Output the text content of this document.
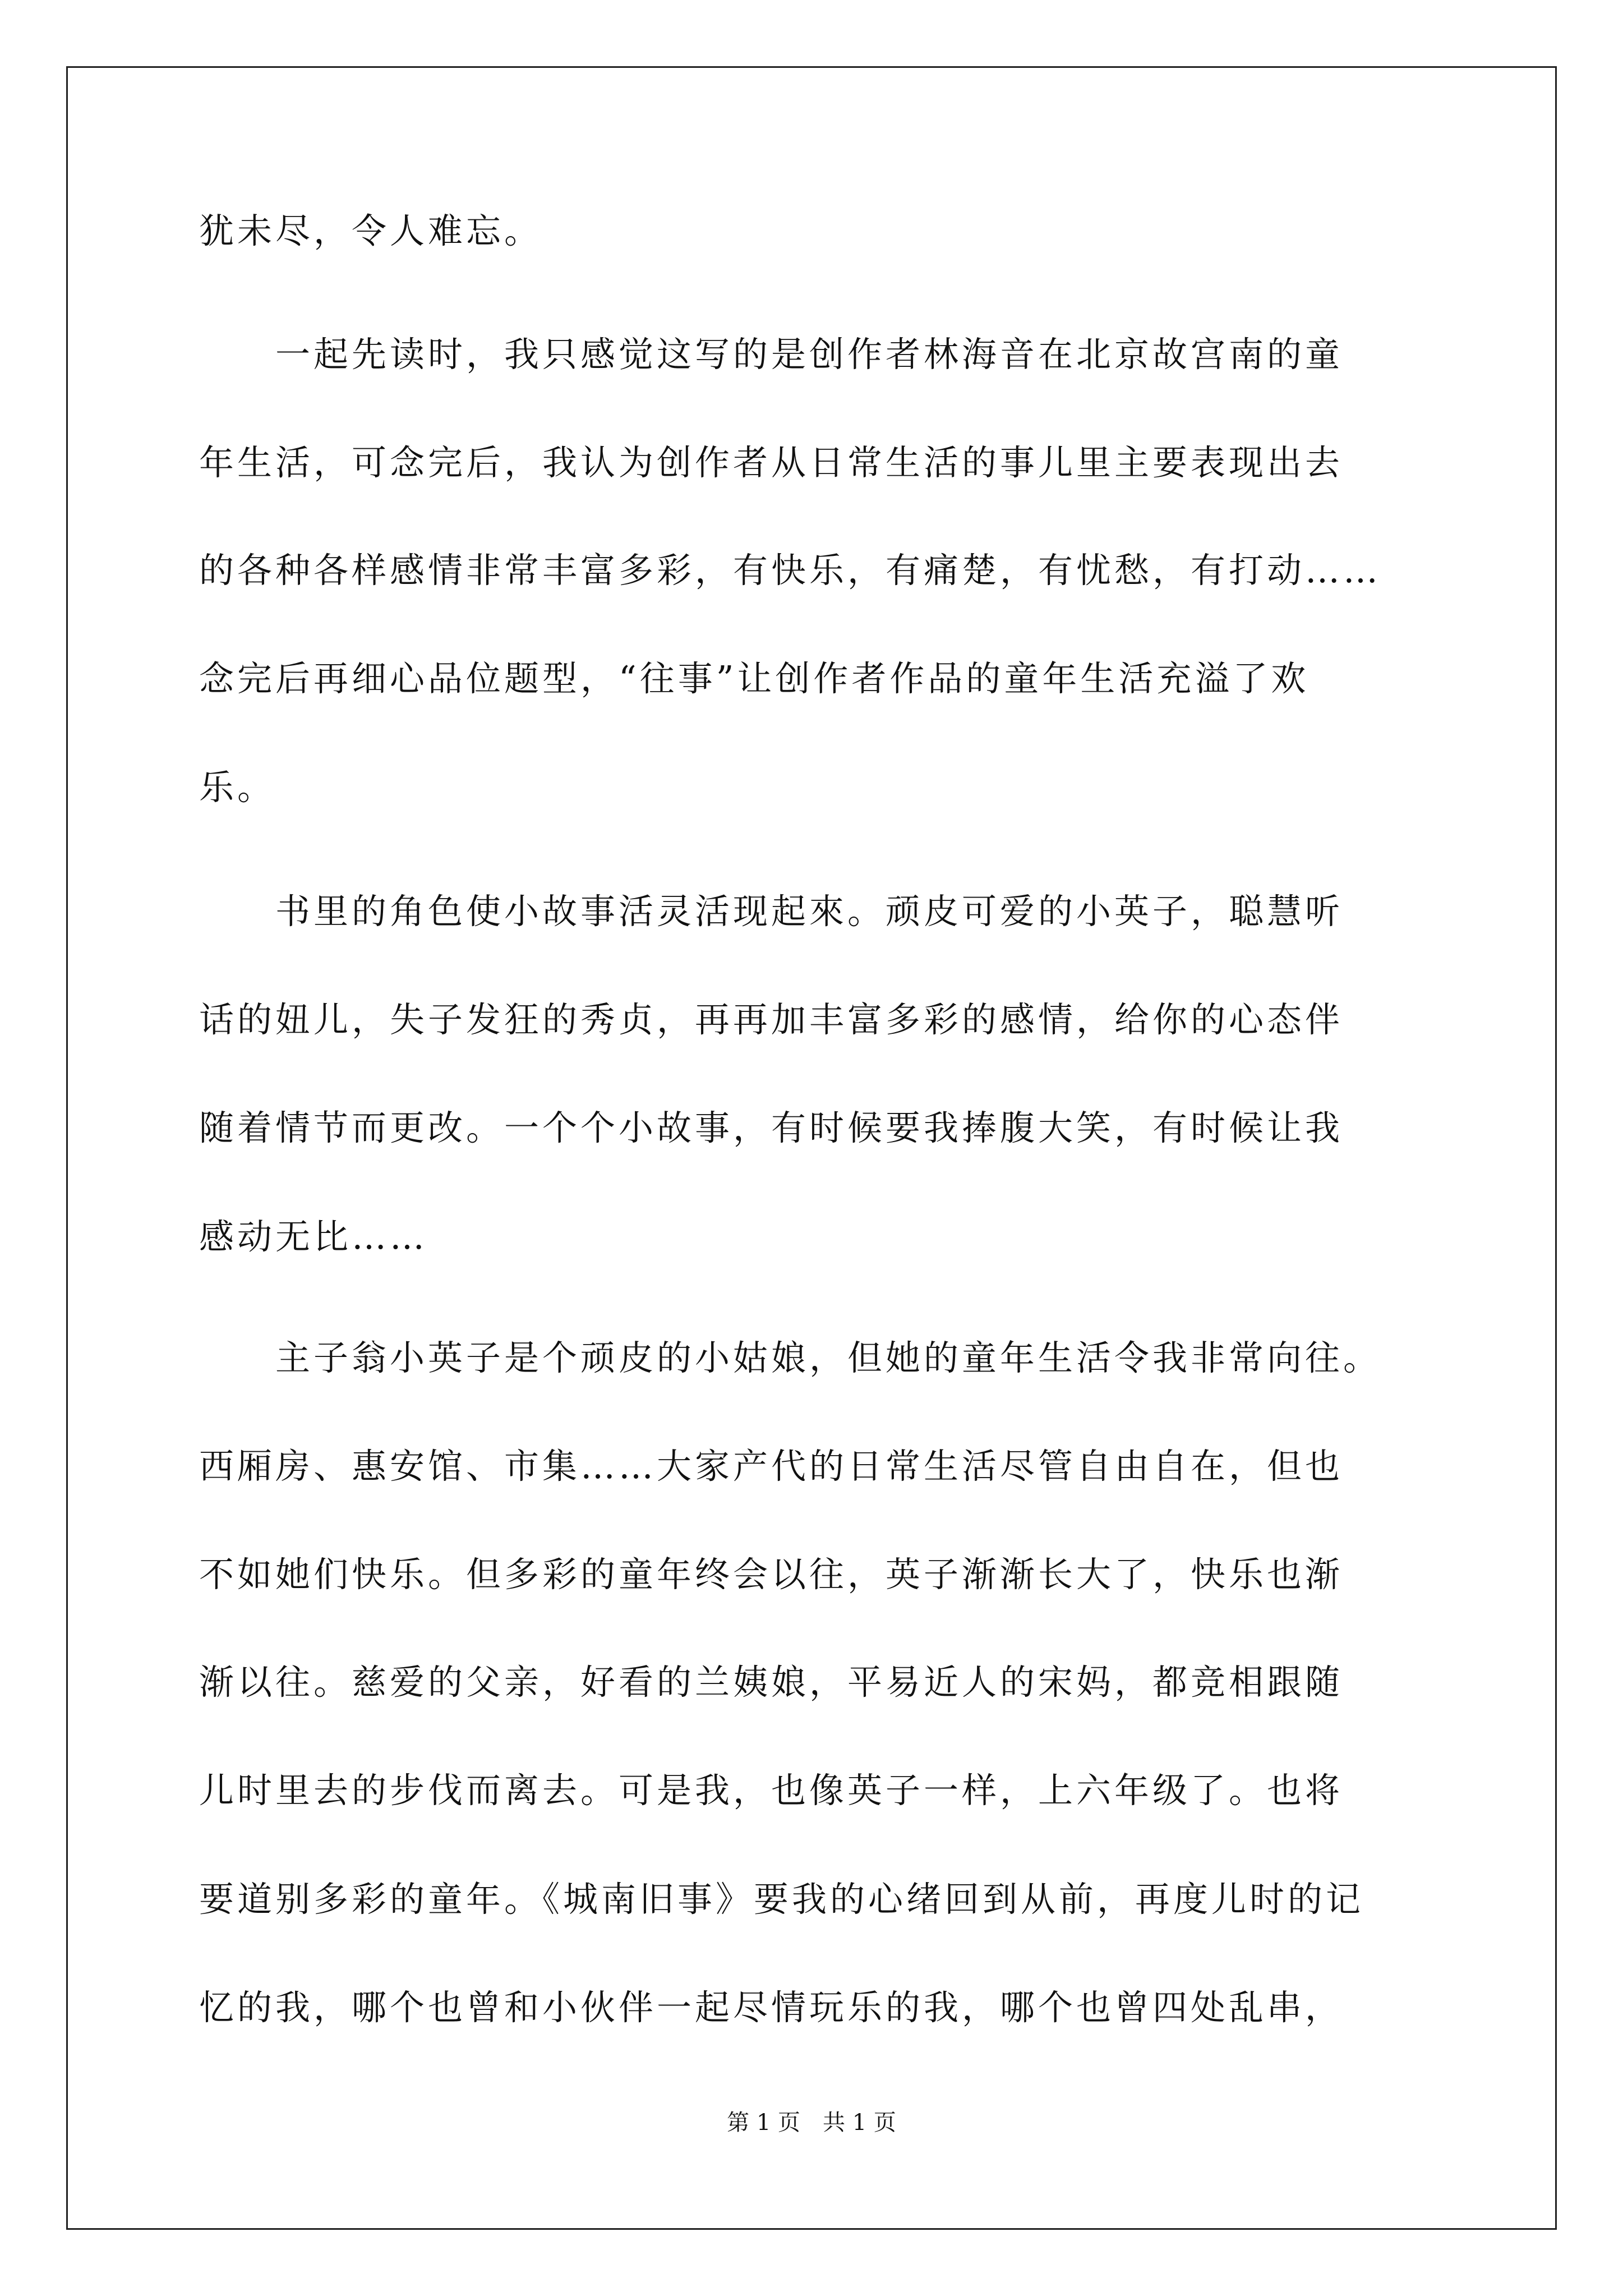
犹未尽，令人难忘。
　　一起先读时，我只感觉这写的是创作者林海音在北京故宫南的童
年生活，可念完后，我认为创作者从日常生活的事儿里主要表现出去
的各种各样感情非常丰富多彩，有快乐，有痛楚，有忧愁，有打动……
念完后再细心品位题型，“往事”让创作者作品的童年生活充溢了欢
乐。
　　书里的角色使小故事活灵活现起來。顽皮可爱的小英子，聪慧听
话的妞儿，失子发狂的秀贞，再再加丰富多彩的感情，给你的心态伴
随着情节而更改。一个个小故事，有时候要我捧腹大笑，有时候让我
感动无比……
　　主子翁小英子是个顽皮的小姑娘，但她的童年生活令我非常向往。
西厢房、惠安馆、市集……大家产代的日常生活尽管自由自在，但也
不如她们快乐。但多彩的童年终会以往，英子渐渐长大了，快乐也渐
渐以往。慈爱的父亲，好看的兰姨娘，平易近人的宋妈，都竞相跟随
儿时里去的步伐而离去。可是我，也像英子一样，上六年级了。也将
要道别多彩的童年。《城南旧事》要我的心绪回到从前，再度儿时的记
忆的我，哪个也曾和小伙伴一起尽情玩乐的我，哪个也曾四处乱串，
第 1 页　共 1 页
